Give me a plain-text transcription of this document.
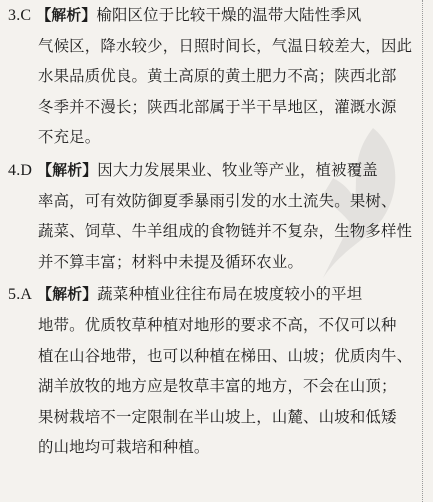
3.C 【解析】榆阳区位于比较干燥的温带大陆性季风
气候区，降水较少，日照时间长，气温日较差大，因此
水果品质优良。黄土高原的黄土肥力不高；陕西北部
冬季并不漫长；陕西北部属于半干旱地区，灌溉水源
不充足。
4.D 【解析】因大力发展果业、牧业等产业，植被覆盖
率高，可有效防御夏季暴雨引发的水土流失。果树、
蔬菜、饲草、牛羊组成的食物链并不复杂，生物多样性
并不算丰富；材料中未提及循环农业。
5.A 【解析】蔬菜种植业往往布局在坡度较小的平坦
地带。优质牧草种植对地形的要求不高，不仅可以种
植在山谷地带，也可以种植在梯田、山坡；优质肉牛、
湖羊放牧的地方应是牧草丰富的地方，不会在山顶；
果树栽培不一定限制在半山坡上，山麓、山坡和低矮
的山地均可栽培和种植。
